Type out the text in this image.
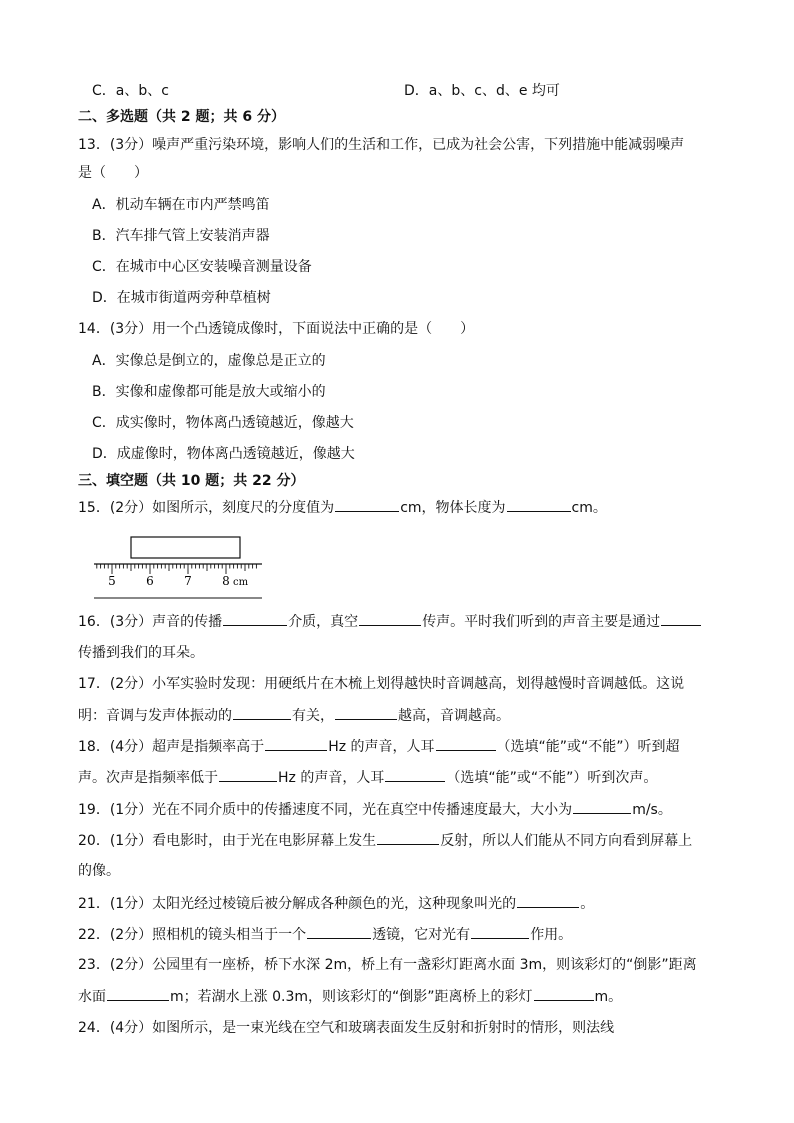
C．a、b、c	D．a、b、c、d、e 均可
二、多选题（共 2 题；共 6 分）
13．(3分）噪声严重污染环境，影响人们的生活和工作，已成为社会公害，下列措施中能减弱噪声
是（　　）
A．机动车辆在市内严禁鸣笛
B．汽车排气管上安装消声器
C．在城市中心区安装噪音测量设备
D．在城市街道两旁种草植树
14．(3分）用一个凸透镜成像时，下面说法中正确的是（　　）
A．实像总是倒立的，虚像总是正立的
B．实像和虚像都可能是放大或缩小的
C．成实像时，物体离凸透镜越近，像越大
D．成虚像时，物体离凸透镜越近，像越大
三、填空题（共 10 题；共 22 分）
15．(2分）如图所示，刻度尺的分度值为	cm，物体长度为	cm。
5	6	7	8 cm
16．(3分）声音的传播	介质，真空	传声。平时我们听到的声音主要是通过
传播到我们的耳朵。
17．(2分）小军实验时发现：用硬纸片在木梳上划得越快时音调越高，划得越慢时音调越低。这说
明：音调与发声体振动的	有关，	越高，音调越高。
18．(4分）超声是指频率高于	Hz 的声音，人耳	（选填“能”或“不能”）听到超
声。次声是指频率低于	Hz 的声音，人耳	（选填“能”或“不能”）听到次声。
19．(1分）光在不同介质中的传播速度不同，光在真空中传播速度最大，大小为	m/s。
20．(1分）看电影时，由于光在电影屏幕上发生	反射，所以人们能从不同方向看到屏幕上
的像。
21．(1分）太阳光经过棱镜后被分解成各种颜色的光，这种现象叫光的	。
22．(2分）照相机的镜头相当于一个	透镜，它对光有	作用。
23．(2分）公园里有一座桥，桥下水深 2m，桥上有一盏彩灯距离水面 3m，则该彩灯的“倒影”距离
水面	m；若湖水上涨 0.3m，则该彩灯的“倒影”距离桥上的彩灯	m。
24．(4分）如图所示，是一束光线在空气和玻璃表面发生反射和折射时的情形，则法线
